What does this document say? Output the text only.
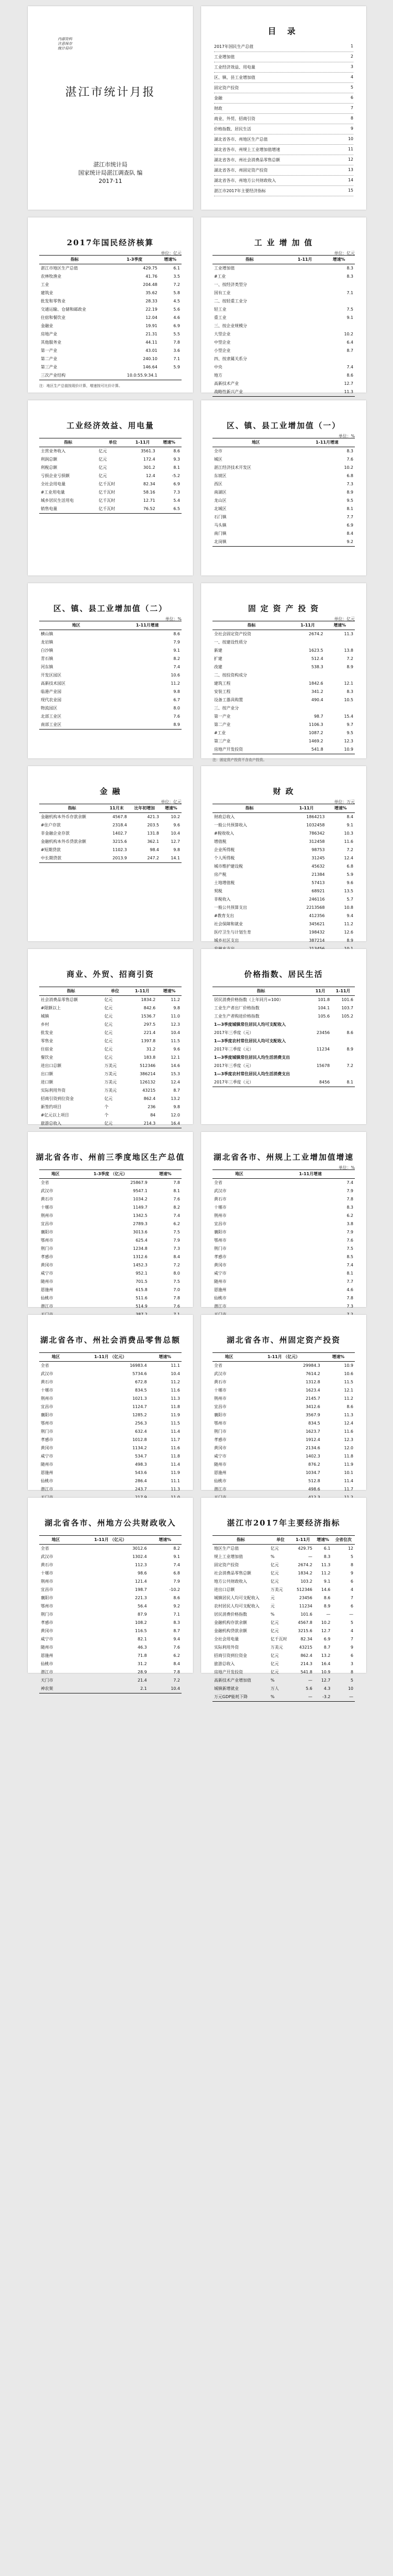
内部资料
注意保存
统计局印
湛江市统计月报
湛江市统计局
国家统计局湛江调查队 编
2017·11
目 录
2017年国民生产总值	1
工业增加值	2
工业经济效益、用电量	3
区、镇、县工业增加值	4
固定资产投资	5
金融	6
财政	7
商业、外贸、招商引资	8
价格指数、居民生活	9
湖北省各市、州地区生产总值	10
湖北省各市、州规上工业增加值增速	11
湖北省各市、州社会消费品零售总额	12
湖北省各市、州固定资产投资	13
湖北省各市、州地方公共财政收入	14
湛江市2017年主要经济指标	15
2017年国民经济核算
单位：亿元
指标	1-3季度	增速%
湛江市地区生产总值	429.75	6.1
农林牧渔业	41.76	3.5
工业	204.48	7.2
建筑业	35.62	5.8
批发和零售业	28.33	4.5
交通运输、仓储和邮政业	22.19	5.6
住宿和餐饮业	12.04	4.6
金融业	19.91	6.9
房地产业	21.31	5.5
其他服务业	44.11	7.8
第一产业	43.01	3.6
第二产业	240.10	7.1
第三产业	146.64	5.9
三次产业结构	10.0:55.9:34.1	
注：地区生产总值按现价计算，增速按可比价计算。
工 业 增 加 值
单位：亿元
指标	1-11月	增速%
工业增加值		8.3
#工业		8.3
一、按经济类型分		
国有工业		7.1
二、按轻重工业分		
轻工业		7.5
重工业		9.1
三、按企业规模分		
大型企业		10.2
中型企业		6.4
小型企业		8.7
四、按隶属关系分		
中央		7.4
地方		8.6
高新技术产业		12.7
战略性新兴产业		11.3
工业经济效益、用电量
指标	单位	1-11月	增速%
主营业务收入	亿元	3561.3	8.6
利润总额	亿元	172.4	9.3
利税总额	亿元	301.2	8.1
亏损企业亏损额	亿元	12.4	-5.2
全社会用电量	亿千瓦时	82.34	6.9
#工业用电量	亿千瓦时	58.16	7.3
城乡居民生活用电	亿千瓦时	12.71	5.4
销售电量	亿千瓦时	76.52	6.5
区、镇、县工业增加值（一）
单位：%
地区	1-11月增速
全市	8.3
城区	7.6
湛江经济技术开发区	10.2
东坡区	6.8
西区	7.3
南湖区	8.9
龙山区	9.5
北城区	8.1
石门镇	7.7
马头镇	6.9
南门镇	8.4
北岗镇	9.2
区、镇、县工业增加值（二）
单位：%
地区	1-11月增速
横山镇	8.6
龙岩镇	7.9
白沙镇	9.1
青石镇	8.2
河东镇	7.4
开发区园区	10.6
高新技术园区	11.2
临港产业园	9.8
现代农业园	6.7
物流园区	8.0
北部工业区	7.6
南部工业区	8.9
固 定 资 产 投 资
单位：亿元
指标	1-11月	增速%
全社会固定资产投资	2674.2	11.3
一、按建设性质分		
新建	1623.5	13.8
扩建	512.4	7.2
改建	538.3	8.9
二、按投资构成分		
建筑工程	1842.6	12.1
安装工程	341.2	8.3
设备工器具购置	490.4	10.5
三、按产业分		
第一产业	98.7	15.4
第二产业	1106.3	9.7
#工业	1087.2	9.5
第三产业	1469.2	12.3
房地产开发投资	541.8	10.9
注：固定资产投资不含农户投资。
金 融
单位：亿元
指标	11月末	比年初增加	增速%
金融机构本外币存款余额	4567.8	421.3	10.2
#住户存款	2318.4	203.5	9.6
非金融企业存款	1402.7	131.8	10.4
金融机构本外币贷款余额	3215.6	362.1	12.7
#短期贷款	1102.3	98.4	9.8
中长期贷款	2013.9	247.2	14.1
财 政
单位：万元
指标	1-11月	增速%
财政总收入	1864213	8.4
一般公共预算收入	1032458	9.1
#税收收入	786342	10.3
增值税	312458	11.6
企业所得税	98753	7.2
个人所得税	31245	12.4
城市维护建设税	45632	6.8
房产税	21384	5.9
土地增值税	57413	9.6
契税	68921	13.5
非税收入	246116	5.7
一般公共预算支出	2213568	10.8
#教育支出	412356	9.4
社会保障和就业	345621	11.2
医疗卫生与计划生育	198432	12.6
城乡社区支出	387214	8.9

商业、外贸、招商引资
指标	单位	1-11月	增速%
社会消费品零售总额	亿元	1834.2	11.2
#限额以上	亿元	842.6	9.8
城镇	亿元	1536.7	11.0
乡村	亿元	297.5	12.3
批发业	亿元	221.4	10.4
零售业	亿元	1397.8	11.5
住宿业	亿元	31.2	9.6
餐饮业	亿元	183.8	12.1
进出口总额	万美元	512346	14.6
出口额	万美元	386214	15.3
进口额	万美元	126132	12.4
实际利用外资	万美元	43215	8.7
招商引资到位资金	亿元	862.4	13.2
新签约项目	个	236	9.8
#亿元以上项目	个	84	12.0
旅游总收入	亿元	214.3	16.4
价格指数、居民生活
指标	11月	1-11月
居民消费价格指数（上年同月=100）	101.8	101.6
工业生产者出厂价格指数	104.1	103.7
工业生产者购进价格指数	105.6	105.2
1—3季度城镇常住居民人均可支配收入		
2017年三季度（元）	23456	8.6
1—3季度农村常住居民人均可支配收入		
2017年三季度（元）	11234	8.9
1—3季度城镇常住居民人均生活消费支出		
2017年三季度（元）	15678	7.2
1—3季度农村常住居民人均生活消费支出		
2017年三季度（元）	8456	8.1
湖北省各市、州前三季度地区生产总值
地区	1-3季度 （亿元）	增速%
全省	25867.9	7.8
武汉市	9547.1	8.1
黄石市	1034.2	7.6
十堰市	1149.7	8.2
荆州市	1342.5	7.4
宜昌市	2789.3	6.2
襄阳市	3013.6	7.5
鄂州市	625.4	7.9
荆门市	1234.8	7.3
孝感市	1312.6	8.4
黄冈市	1452.3	7.2
咸宁市	952.1	8.0
随州市	701.5	7.5
恩施州	615.8	7.0
仙桃市	511.6	7.8
潜江市	514.9	7.6

湖北省各市、州规上工业增加值增速
单位：%
地区	1-11月增速
全省	7.4
武汉市	7.9
黄石市	7.8
十堰市	8.3
荆州市	6.2
宜昌市	3.8
襄阳市	7.9
鄂州市	7.6
荆门市	7.5
孝感市	8.5
黄冈市	7.4
咸宁市	8.1
随州市	7.7
恩施州	4.6
仙桃市	7.8
潜江市	7.3

湖北省各市、州社会消费品零售总额
地区	1-11月 （亿元）	增速%
全省	16983.4	11.1
武汉市	5734.6	10.4
黄石市	672.8	11.2
十堰市	834.5	11.6
荆州市	1021.3	11.3
宜昌市	1124.7	11.8
襄阳市	1285.2	11.9
鄂州市	256.3	11.5
荆门市	632.4	11.4
孝感市	1012.8	11.7
黄冈市	1134.2	11.6
咸宁市	534.7	11.8
随州市	498.3	11.4
恩施州	543.6	11.9
仙桃市	286.4	11.1
潜江市	243.7	11.3

湖北省各市、州固定资产投资
地区	1-11月 （亿元）	增速%
全省	29984.3	10.9
武汉市	7614.2	10.6
黄石市	1312.8	11.5
十堰市	1623.4	12.1
荆州市	2145.7	11.2
宜昌市	3412.6	8.6
襄阳市	3567.9	11.3
鄂州市	834.5	12.4
荆门市	1623.7	11.6
孝感市	1912.4	12.3
黄冈市	2134.6	12.0
咸宁市	1402.3	11.8
随州市	876.2	11.9
恩施州	1034.7	10.1
仙桃市	512.8	11.4
潜江市	498.6	11.7

湖北省各市、州地方公共财政收入
地区	1-11月 （亿元）	增速%
全省	3012.6	8.2
武汉市	1302.4	9.1
黄石市	112.3	7.4
十堰市	98.6	6.8
荆州市	121.4	7.9
宜昌市	198.7	-10.2
襄阳市	221.3	8.6
鄂州市	56.4	9.2
荆门市	87.9	7.1
孝感市	108.2	8.3
黄冈市	116.5	8.7
咸宁市	82.1	9.4
随州市	46.3	7.6
恩施州	71.8	6.2
仙桃市	31.2	8.4
潜江市	28.9	7.8
天门市	21.4	7.2
神农架	2.1	10.4
湛江市2017年主要经济指标
指标	单位	1-11月	增速%	全省位次
地区生产总值	亿元	429.75	6.1	12
规上工业增加值	%	—	8.3	5
固定资产投资	亿元	2674.2	11.3	8
社会消费品零售总额	亿元	1834.2	11.2	9
地方公共财政收入	亿元	103.2	9.1	6
进出口总额	万美元	512346	14.6	4
城镇居民人均可支配收入	元	23456	8.6	7
农村居民人均可支配收入	元	11234	8.9	6
居民消费价格指数	%	101.6	—	—
金融机构存款余额	亿元	4567.8	10.2	5
金融机构贷款余额	亿元	3215.6	12.7	4
全社会用电量	亿千瓦时	82.34	6.9	7
实际利用外资	万美元	43215	8.7	9
招商引资到位资金	亿元	862.4	13.2	6
旅游总收入	亿元	214.3	16.4	3
房地产开发投资	亿元	541.8	10.9	8
高新技术产业增加值	%	—	12.7	5
城镇新增就业	万人	5.6	4.3	10
万元GDP能耗下降	%	—	-3.2	—
